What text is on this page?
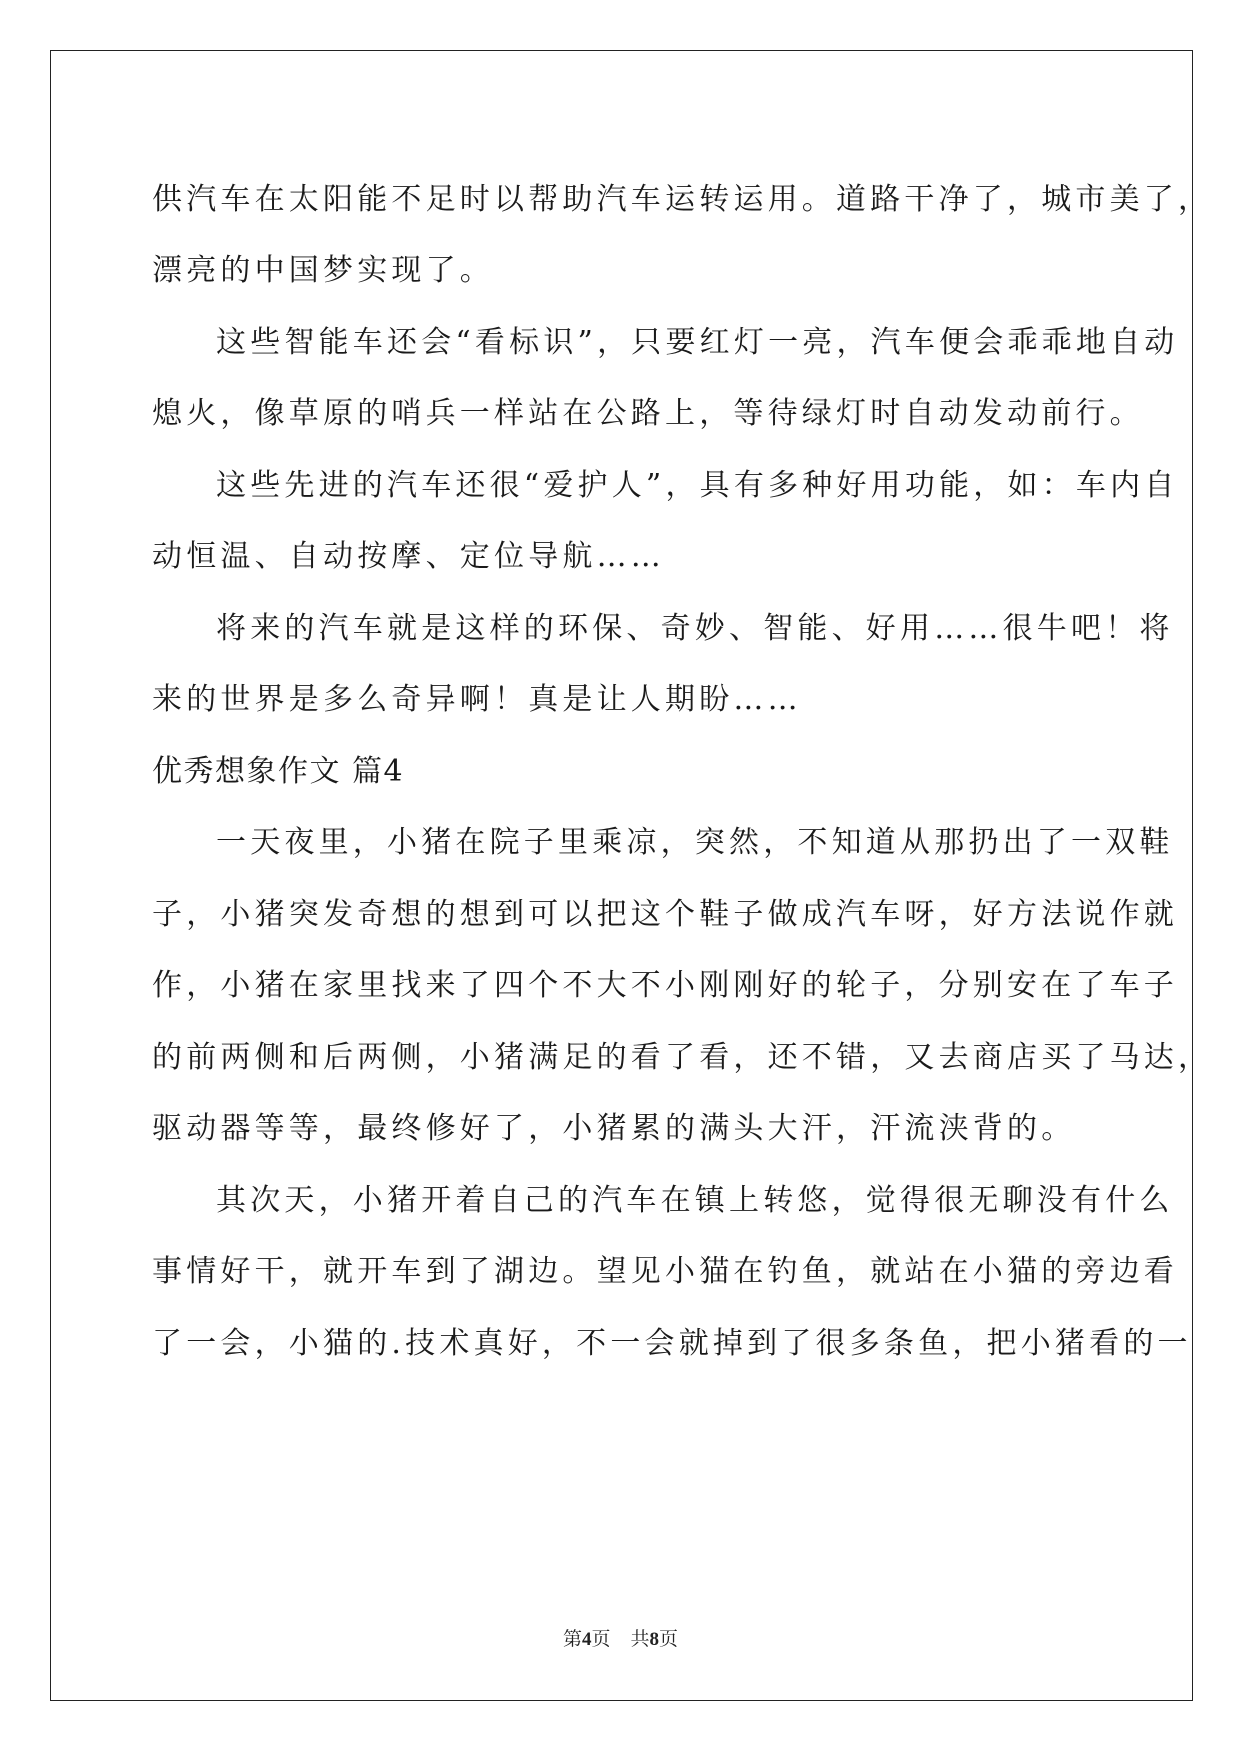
供汽车在太阳能不足时以帮助汽车运转运用。道路干净了，城市美了，
漂亮的中国梦实现了。
这些智能车还会“看标识”，只要红灯一亮，汽车便会乖乖地自动
熄火，像草原的哨兵一样站在公路上，等待绿灯时自动发动前行。
这些先进的汽车还很“爱护人”，具有多种好用功能，如：车内自
动恒温、自动按摩、定位导航……
将来的汽车就是这样的环保、奇妙、智能、好用……很牛吧！将
来的世界是多么奇异啊！真是让人期盼……
优秀想象作文 篇4
一天夜里，小猪在院子里乘凉，突然，不知道从那扔出了一双鞋
子，小猪突发奇想的想到可以把这个鞋子做成汽车呀，好方法说作就
作，小猪在家里找来了四个不大不小刚刚好的轮子，分别安在了车子
的前两侧和后两侧，小猪满足的看了看，还不错，又去商店买了马达，
驱动器等等，最终修好了，小猪累的满头大汗，汗流浃背的。
其次天，小猪开着自己的汽车在镇上转悠，觉得很无聊没有什么
事情好干，就开车到了湖边。望见小猫在钓鱼，就站在小猫的旁边看
了一会，小猫的.技术真好，不一会就掉到了很多条鱼，把小猪看的一
第4页 共8页
